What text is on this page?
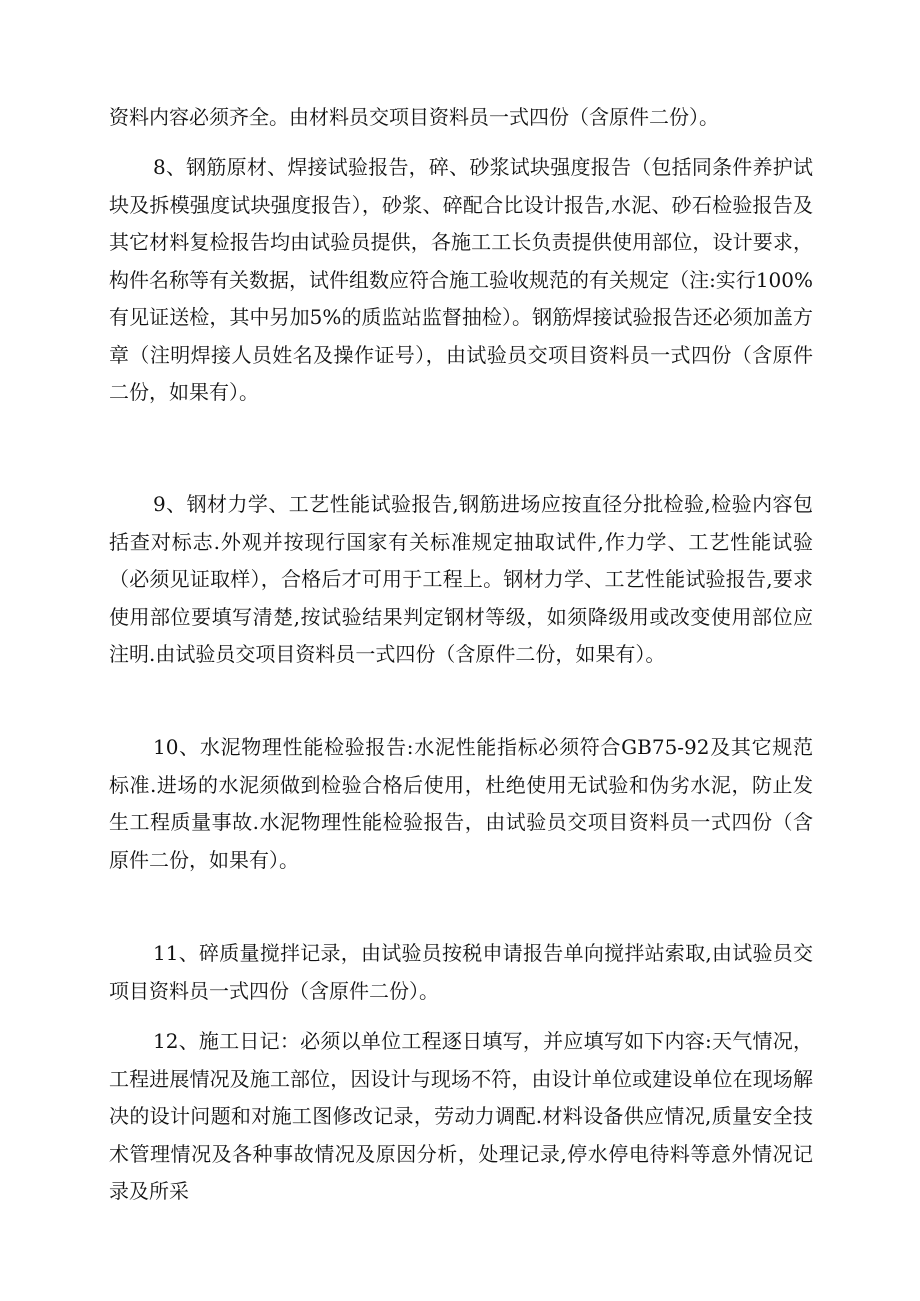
资料内容必须齐全。由材料员交项目资料员一式四份（含原件二份）。

8、钢筋原材、焊接试验报告，碎、砂浆试块强度报告（包括同条件养护试块及拆模强度试块强度报告），砂浆、碎配合比设计报告,水泥、砂石检验报告及其它材料复检报告均由试验员提供，各施工工长负责提供使用部位，设计要求，构件名称等有关数据，试件组数应符合施工验收规范的有关规定（注:实行100%有见证送检，其中另加5%的质监站监督抽检）。钢筋焊接试验报告还必须加盖方章（注明焊接人员姓名及操作证号），由试验员交项目资料员一式四份（含原件二份，如果有）。

9、钢材力学、工艺性能试验报告,钢筋进场应按直径分批检验,检验内容包括查对标志.外观并按现行国家有关标准规定抽取试件,作力学、工艺性能试验（必须见证取样），合格后才可用于工程上。钢材力学、工艺性能试验报告,要求使用部位要填写清楚,按试验结果判定钢材等级，如须降级用或改变使用部位应注明.由试验员交项目资料员一式四份（含原件二份，如果有）。

10、水泥物理性能检验报告:水泥性能指标必须符合GB75-92及其它规范标准.进场的水泥须做到检验合格后使用，杜绝使用无试验和伪劣水泥，防止发生工程质量事故.水泥物理性能检验报告，由试验员交项目资料员一式四份（含原件二份，如果有）。

11、碎质量搅拌记录，由试验员按税申请报告单向搅拌站索取,由试验员交项目资料员一式四份（含原件二份）。

12、施工日记：必须以单位工程逐日填写，并应填写如下内容:天气情况，工程进展情况及施工部位，因设计与现场不符，由设计单位或建设单位在现场解决的设计问题和对施工图修改记录，劳动力调配.材料设备供应情况,质量安全技术管理情况及各种事故情况及原因分析，处理记录,停水停电待料等意外情况记录及所采
